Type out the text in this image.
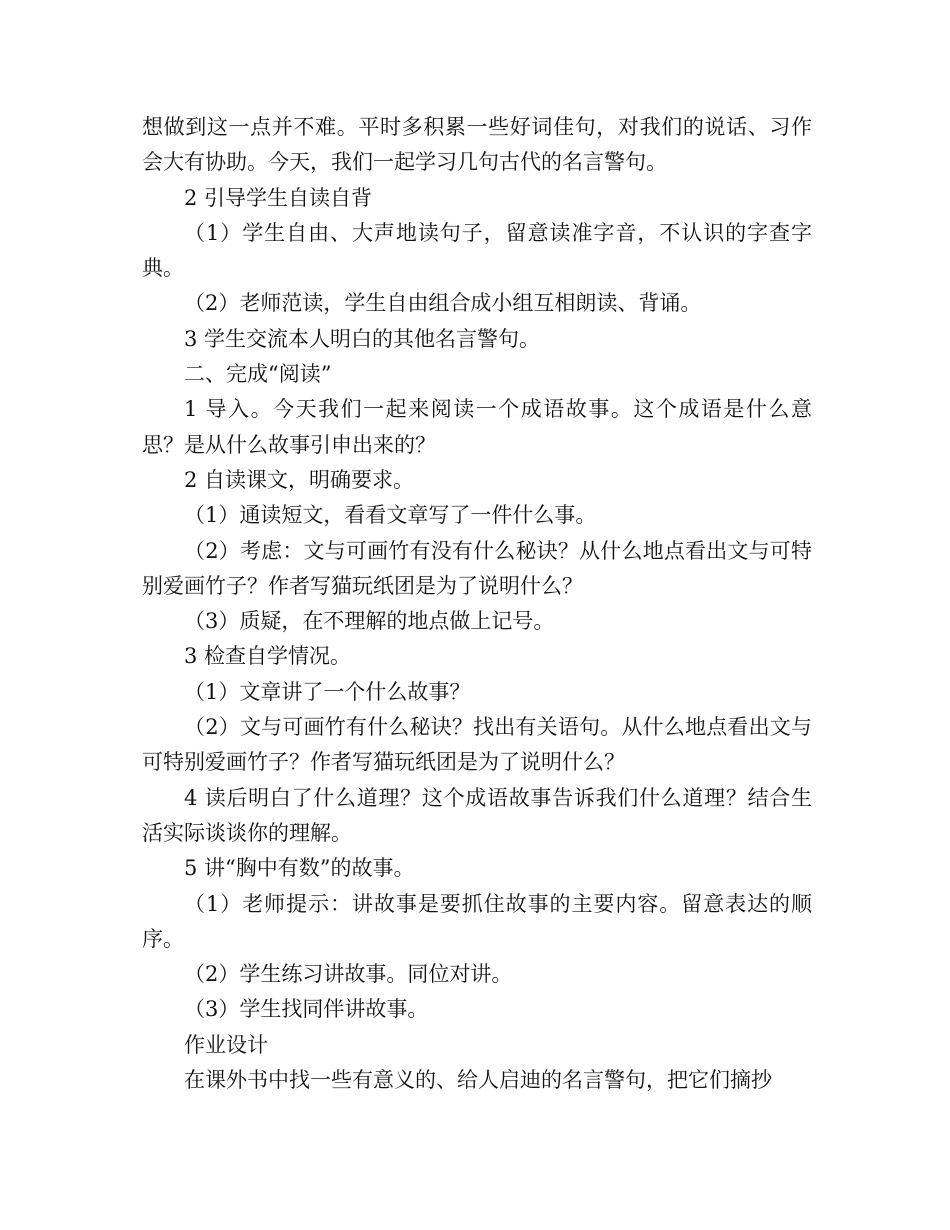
想做到这一点并不难。平时多积累一些好词佳句，对我们的说话、习作会大有协助。今天，我们一起学习几句古代的名言警句。

2 引导学生自读自背

（1）学生自由、大声地读句子，留意读准字音，不认识的字查字典。

（2）老师范读，学生自由组合成小组互相朗读、背诵。

3 学生交流本人明白的其他名言警句。

二、完成“阅读”

1 导入。今天我们一起来阅读一个成语故事。这个成语是什么意思？是从什么故事引申出来的？

2 自读课文，明确要求。

（1）通读短文，看看文章写了一件什么事。

（2）考虑：文与可画竹有没有什么秘诀？从什么地点看出文与可特别爱画竹子？作者写猫玩纸团是为了说明什么？

（3）质疑，在不理解的地点做上记号。

3 检查自学情况。

（1）文章讲了一个什么故事？

（2）文与可画竹有什么秘诀？找出有关语句。从什么地点看出文与可特别爱画竹子？作者写猫玩纸团是为了说明什么？

4 读后明白了什么道理？这个成语故事告诉我们什么道理？结合生活实际谈谈你的理解。

5 讲“胸中有数”的故事。

（1）老师提示：讲故事是要抓住故事的主要内容。留意表达的顺序。

（2）学生练习讲故事。同位对讲。

（3）学生找同伴讲故事。

作业设计

在课外书中找一些有意义的、给人启迪的名言警句，把它们摘抄
